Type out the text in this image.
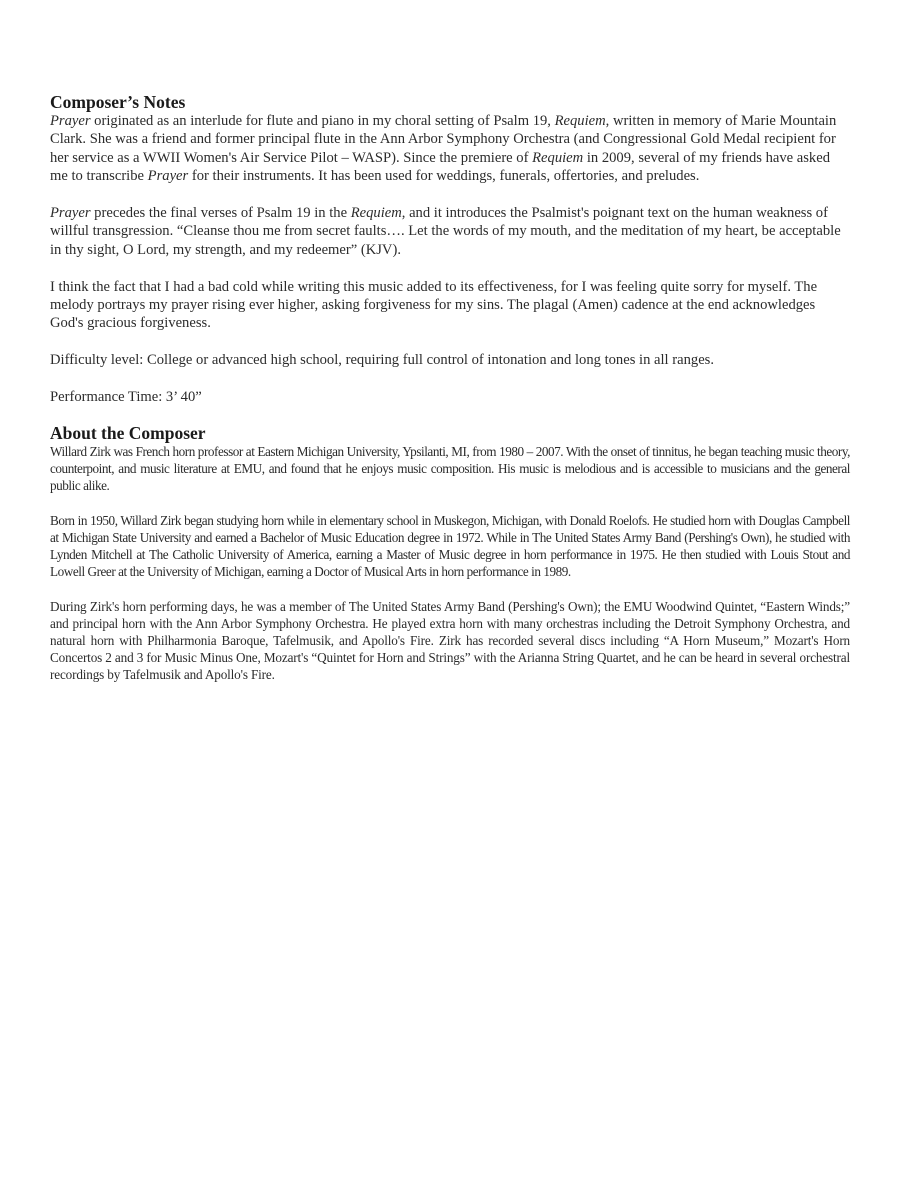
Composer’s Notes

Prayer originated as an interlude for flute and piano in my choral setting of Psalm 19, Requiem, written in memory of Marie Mountain Clark. She was a friend and former principal flute in the Ann Arbor Symphony Orchestra (and Congressional Gold Medal recipient for her service as a WWII Women's Air Service Pilot – WASP). Since the premiere of Requiem in 2009, several of my friends have asked me to transcribe Prayer for their instruments. It has been used for weddings, funerals, offertories, and preludes.

Prayer precedes the final verses of Psalm 19 in the Requiem, and it introduces the Psalmist's poignant text on the human weakness of willful transgression. “Cleanse thou me from secret faults…. Let the words of my mouth, and the meditation of my heart, be acceptable in thy sight, O Lord, my strength, and my redeemer” (KJV).

I think the fact that I had a bad cold while writing this music added to its effectiveness, for I was feeling quite sorry for myself. The melody portrays my prayer rising ever higher, asking forgiveness for my sins. The plagal (Amen) cadence at the end acknowledges God's gracious forgiveness.

Difficulty level: College or advanced high school, requiring full control of intonation and long tones in all ranges.

Performance Time: 3’ 40”

About the Composer

Willard Zirk was French horn professor at Eastern Michigan University, Ypsilanti, MI, from 1980 – 2007. With the onset of tinnitus, he began teaching music theory, counterpoint, and music literature at EMU, and found that he enjoys music composition. His music is melodious and is accessible to musicians and the general public alike.

Born in 1950, Willard Zirk began studying horn while in elementary school in Muskegon, Michigan, with Donald Roelofs. He studied horn with Douglas Campbell at Michigan State University and earned a Bachelor of Music Education degree in 1972. While in The United States Army Band (Pershing's Own), he studied with Lynden Mitchell at The Catholic University of America, earning a Master of Music degree in horn performance in 1975. He then studied with Louis Stout and Lowell Greer at the University of Michigan, earning a Doctor of Musical Arts in horn performance in 1989.

During Zirk's horn performing days, he was a member of The United States Army Band (Pershing's Own); the EMU Woodwind Quintet, “Eastern Winds;” and principal horn with the Ann Arbor Symphony Orchestra. He played extra horn with many orchestras including the Detroit Symphony Orchestra, and natural horn with Philharmonia Baroque, Tafelmusik, and Apollo's Fire. Zirk has recorded several discs including “A Horn Museum,” Mozart's Horn Concertos 2 and 3 for Music Minus One, Mozart's “Quintet for Horn and Strings” with the Arianna String Quartet, and he can be heard in several orchestral recordings by Tafelmusik and Apollo's Fire.
